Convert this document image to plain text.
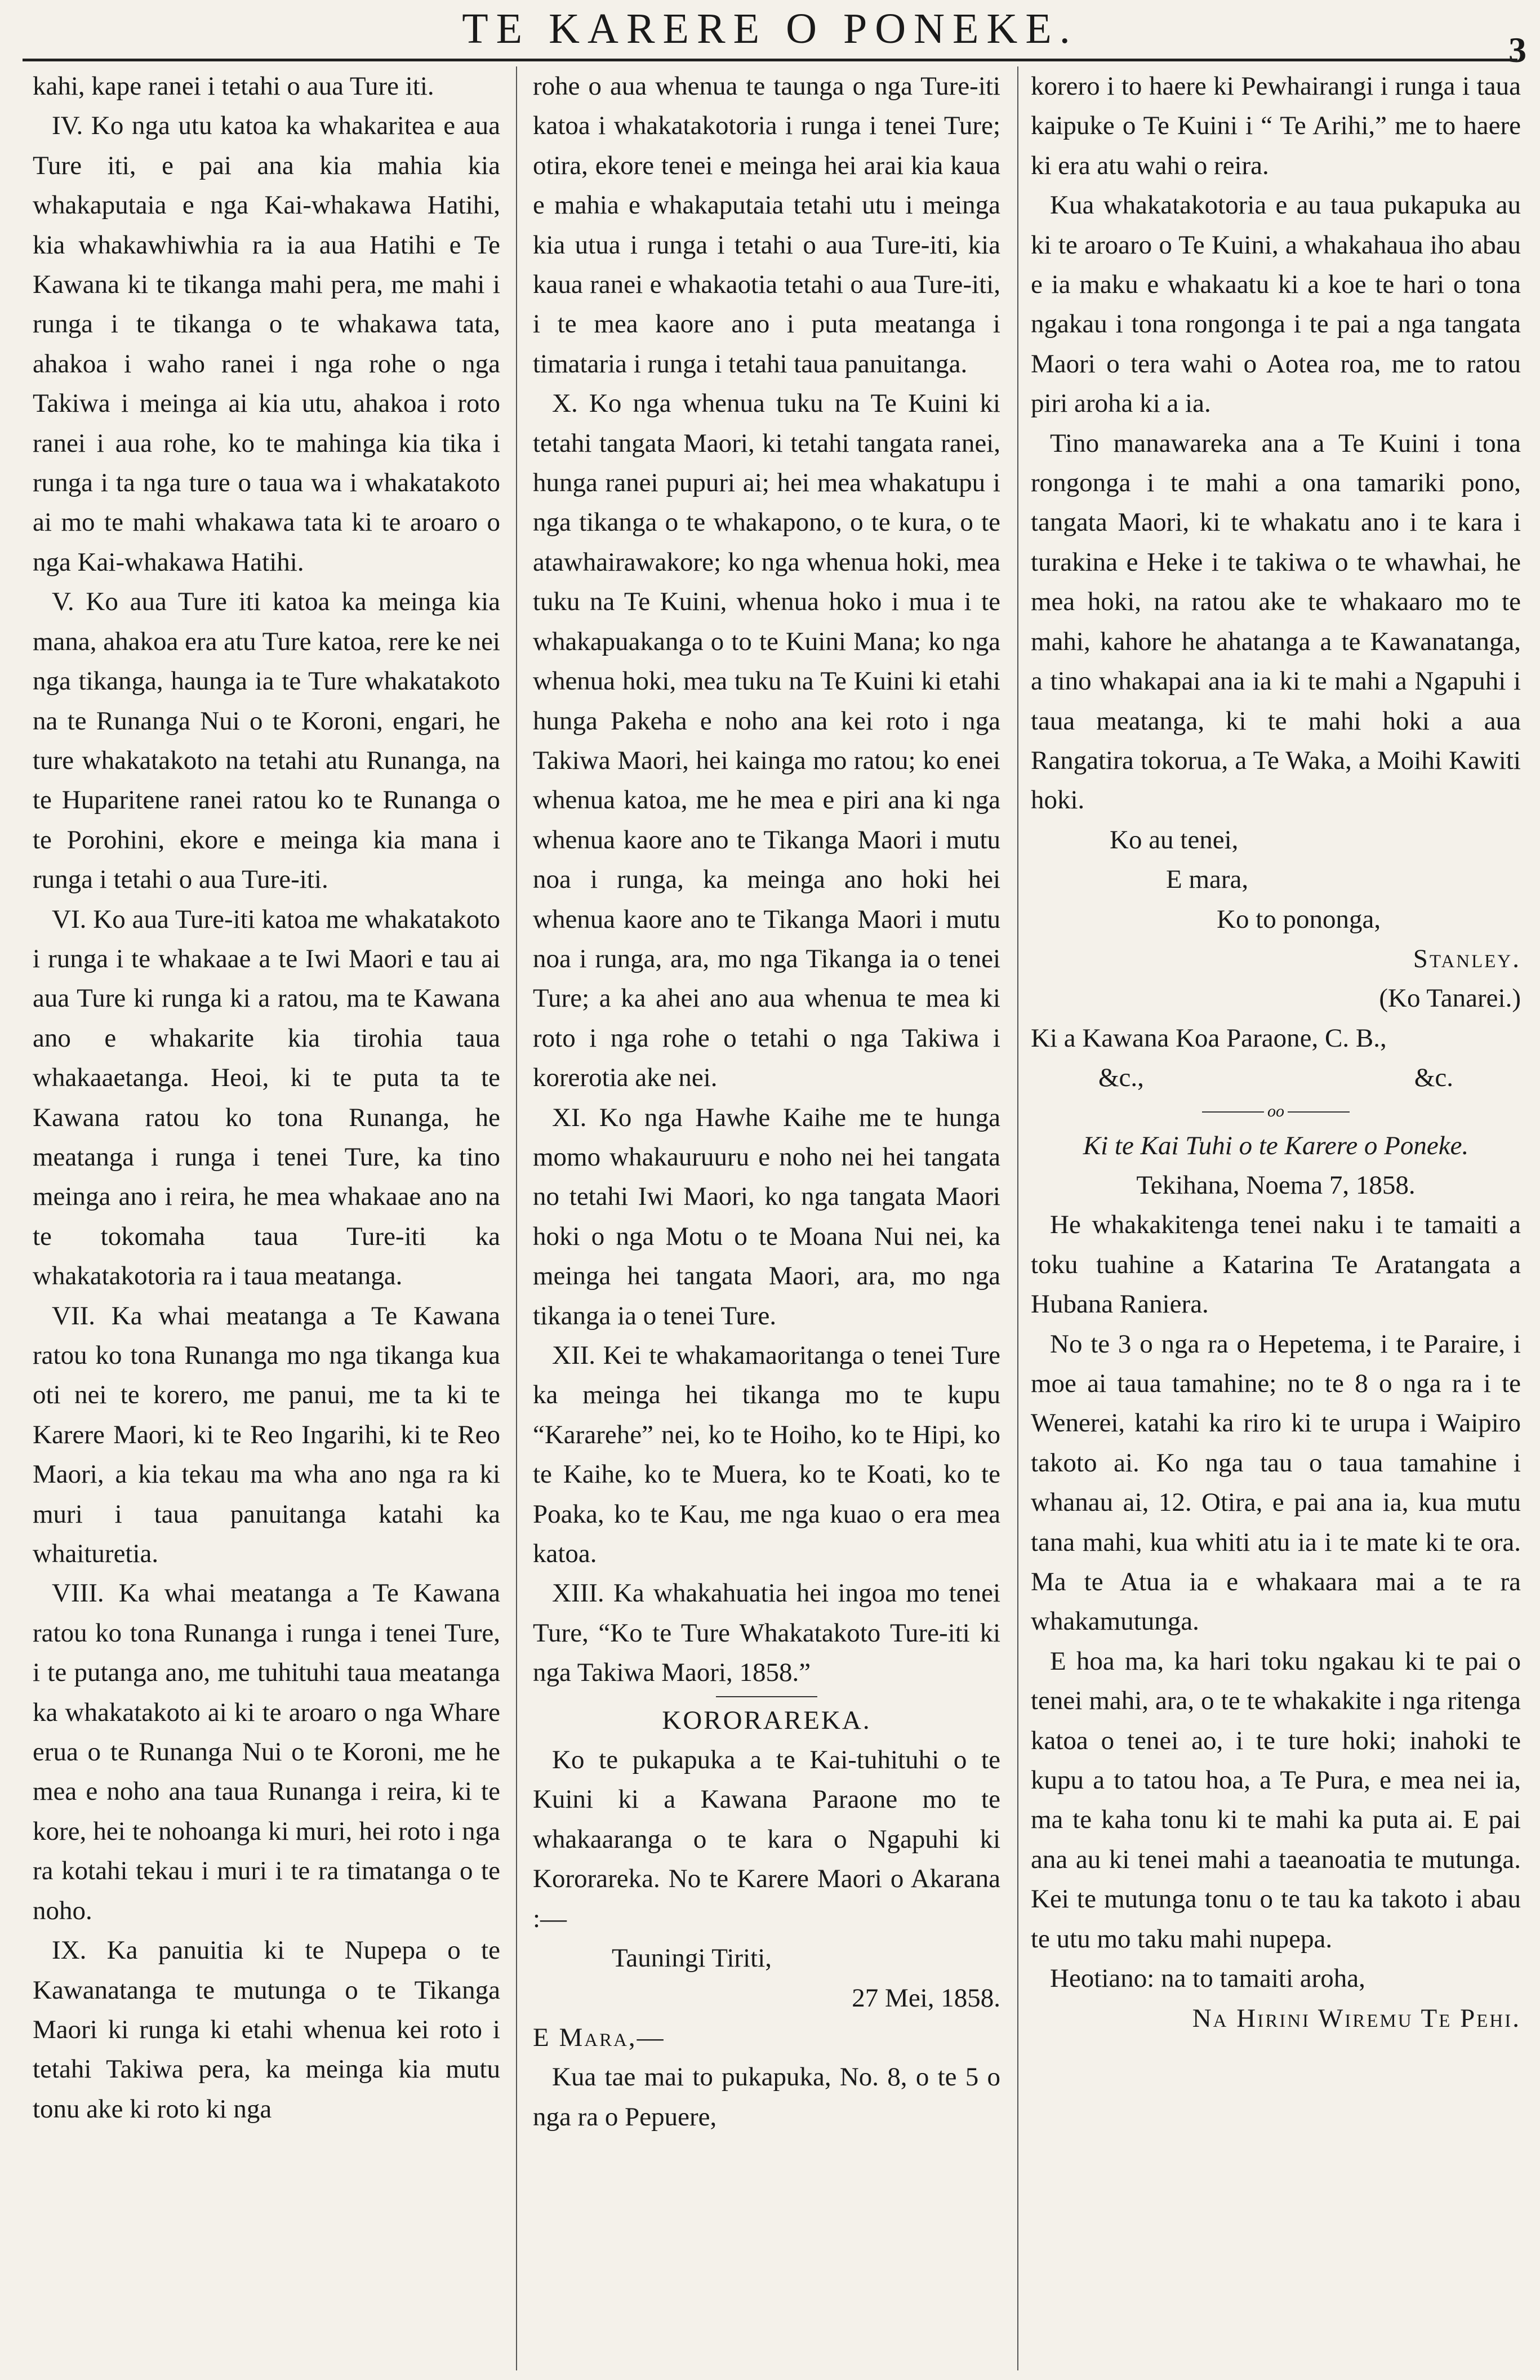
TE KARERE O PONEKE.	3

kahi, kape ranei i tetahi o aua Ture iti.

IV. Ko nga utu katoa ka whakaritea e aua Ture iti, e pai ana kia mahia kia whakaputaia e nga Kai-whakawa Hatihi, kia whakawhiwhia ra ia aua Hatihi e Te Kawana ki te tikanga mahi pera, me mahi i runga i te tikanga o te whakawa tata, ahakoa i waho ranei i nga rohe o nga Takiwa i meinga ai kia utu, ahakoa i roto ranei i aua rohe, ko te mahinga kia tika i runga i ta nga ture o taua wa i whakatakoto ai mo te mahi whakawa tata ki te aroaro o nga Kai-whakawa Hatihi.

V. Ko aua Ture iti katoa ka meinga kia mana, ahakoa era atu Ture katoa, rere ke nei nga tikanga, haunga ia te Ture whakatakoto na te Runanga Nui o te Koroni, engari, he ture whakatakoto na tetahi atu Runanga, na te Huparitene ranei ratou ko te Runanga o te Porohini, ekore e meinga kia mana i runga i tetahi o aua Ture-iti.

VI. Ko aua Ture-iti katoa me whakatakoto i runga i te whakaae a te Iwi Maori e tau ai aua Ture ki runga ki a ratou, ma te Kawana ano e whakarite kia tirohia taua whakaaetanga. Heoi, ki te puta ta te Kawana ratou ko tona Runanga, he meatanga i runga i tenei Ture, ka tino meinga ano i reira, he mea whakaae ano na te tokomaha taua Ture-iti ka whakatakotoria ra i taua meatanga.

VII. Ka whai meatanga a Te Kawana ratou ko tona Runanga mo nga tikanga kua oti nei te korero, me panui, me ta ki te Karere Maori, ki te Reo Ingarihi, ki te Reo Maori, a kia tekau ma wha ano nga ra ki muri i taua panuitanga katahi ka whaituretia.

VIII. Ka whai meatanga a Te Kawana ratou ko tona Runanga i runga i tenei Ture, i te putanga ano, me tuhituhi taua meatanga ka whakatakoto ai ki te aroaro o nga Whare erua o te Runanga Nui o te Koroni, me he mea e noho ana taua Runanga i reira, ki te kore, hei te nohoanga ki muri, hei roto i nga ra kotahi tekau i muri i te ra timatanga o te noho.

IX. Ka panuitia ki te Nupepa o te Kawanatanga te mutunga o te Tikanga Maori ki runga ki etahi whenua kei roto i tetahi Takiwa pera, ka meinga kia mutu tonu ake ki roto ki nga

rohe o aua whenua te taunga o nga Ture-iti katoa i whakatakotoria i runga i tenei Ture; otira, ekore tenei e meinga hei arai kia kaua e mahia e whakaputaia tetahi utu i meinga kia utua i runga i tetahi o aua Ture-iti, kia kaua ranei e whakaotia tetahi o aua Ture-iti, i te mea kaore ano i puta meatanga i timataria i runga i tetahi taua panuitanga.

X. Ko nga whenua tuku na Te Kuini ki tetahi tangata Maori, ki tetahi tangata ranei, hunga ranei pupuri ai; hei mea whakatupu i nga tikanga o te whakapono, o te kura, o te atawhairawakore; ko nga whenua hoki, mea tuku na Te Kuini, whenua hoko i mua i te whakapuakanga o to te Kuini Mana; ko nga whenua hoki, mea tuku na Te Kuini ki etahi hunga Pakeha e noho ana kei roto i nga Takiwa Maori, hei kainga mo ratou; ko enei whenua katoa, me he mea e piri ana ki nga whenua kaore ano te Tikanga Maori i mutu noa i runga, ka meinga ano hoki hei whenua kaore ano te Tikanga Maori i mutu noa i runga, ara, mo nga Tikanga ia o tenei Ture; a ka ahei ano aua whenua te mea ki roto i nga rohe o tetahi o nga Takiwa i korerotia ake nei.

XI. Ko nga Hawhe Kaihe me te hunga momo whakauruuru e noho nei hei tangata no tetahi Iwi Maori, ko nga tangata Maori hoki o nga Motu o te Moana Nui nei, ka meinga hei tangata Maori, ara, mo nga tikanga ia o tenei Ture.

XII. Kei te whakamaoritanga o tenei Ture ka meinga hei tikanga mo te kupu “Kararehe” nei, ko te Hoiho, ko te Hipi, ko te Kaihe, ko te Muera, ko te Koati, ko te Poaka, ko te Kau, me nga kuao o era mea katoa.

XIII. Ka whakahuatia hei ingoa mo tenei Ture, “Ko te Ture Whakatakoto Ture-iti ki nga Takiwa Maori, 1858.”

KORORAREKA.

Ko te pukapuka a te Kai-tuhituhi o te Kuini ki a Kawana Paraone mo te whakaaranga o te kara o Ngapuhi ki Kororareka. No te Karere Maori o Akarana :—

Tauningi Tiriti,

27 Mei, 1858.

E Mara,—

Kua tae mai to pukapuka, No. 8, o te 5 o nga ra o Pepuere,

korero i to haere ki Pewhairangi i runga i taua kaipuke o Te Kuini i “ Te Arihi,” me to haere ki era atu wahi o reira.

Kua whakatakotoria e au taua pukapuka au ki te aroaro o Te Kuini, a whakahaua iho abau e ia maku e whakaatu ki a koe te hari o tona ngakau i tona rongonga i te pai a nga tangata Maori o tera wahi o Aotea roa, me to ratou piri aroha ki a ia.

Tino manawareka ana a Te Kuini i tona rongonga i te mahi a ona tamariki pono, tangata Maori, ki te whakatu ano i te kara i turakina e Heke i te takiwa o te whawhai, he mea hoki, na ratou ake te whakaaro mo te mahi, kahore he ahatanga a te Kawanatanga, a tino whakapai ana ia ki te mahi a Ngapuhi i taua meatanga, ki te mahi hoki a aua Rangatira tokorua, a Te Waka, a Moihi Kawiti hoki.

Ko au tenei,

E mara,

Ko to pononga,

Stanley.

(Ko Tanarei.)

Ki a Kawana Koa Paraone, C. B.,

&c.,	&c.

oo

Ki te Kai Tuhi o te Karere o Poneke.

Tekihana, Noema 7, 1858.

He whakakitenga tenei naku i te tamaiti a toku tuahine a Katarina Te Aratangata a Hubana Raniera.

No te 3 o nga ra o Hepetema, i te Paraire, i moe ai taua tamahine; no te 8 o nga ra i te Wenerei, katahi ka riro ki te urupa i Waipiro takoto ai. Ko nga tau o taua tamahine i whanau ai, 12. Otira, e pai ana ia, kua mutu tana mahi, kua whiti atu ia i te mate ki te ora. Ma te Atua ia e whakaara mai a te ra whakamutunga.

E hoa ma, ka hari toku ngakau ki te pai o tenei mahi, ara, o te te whakakite i nga ritenga katoa o tenei ao, i te ture hoki; inahoki te kupu a to tatou hoa, a Te Pura, e mea nei ia, ma te kaha tonu ki te mahi ka puta ai. E pai ana au ki tenei mahi a taeanoatia te mutunga. Kei te mutunga tonu o te tau ka takoto i abau te utu mo taku mahi nupepa.

Heotiano: na to tamaiti aroha,

Na Hirini Wiremu Te Pehi.
